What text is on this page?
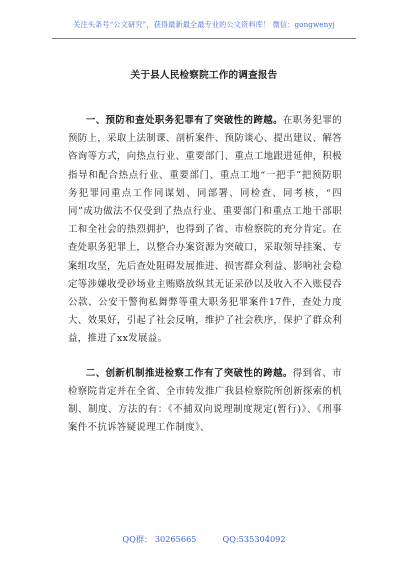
关注头条号“公文研究”，获得最新最全最专业的公文资料库！ 微信：gongwenyj
关于县人民检察院工作的调查报告

一、预防和查处职务犯罪有了突破性的跨越。在职务犯罪的预防上，采取上法制课、剖析案件、预防谈心、提出建议、解答咨询等方式，向热点行业、重要部门、重点工地跟进延伸，积极指导和配合热点行业、重要部门、重点工地“一把手”把预防职务犯罪同重点工作同谋划、同部署、同检查、同考核，“四同”成功做法不仅受到了热点行业、重要部门和重点工地干部职工和全社会的热烈拥护，也得到了省、市检察院的充分肯定。在查处职务犯罪上，以整合办案资源为突破口，采取领导挂案、专案组攻坚，先后查处阻碍发展推进、损害群众利益、影响社会稳定等涉嫌收受砂场业主贿赂放纵其无证采砂以及收入不入账侵吞公款、公安干警徇私舞弊等重大职务犯罪案件17件，查处力度大、效果好，引起了社会反响，维护了社会秩序，保护了群众利益，推进了xx发展益。

二、创新机制推进检察工作有了突破性的跨越。得到省、市检察院肯定并在全省、全市转发推广我县检察院所创新探索的机制、制度、方法的有：《不捕双向说理制度规定(暂行)》、《刑事案件不抗诉答疑说理工作制度》、

QQ群： 30265665	QQ:535304092
